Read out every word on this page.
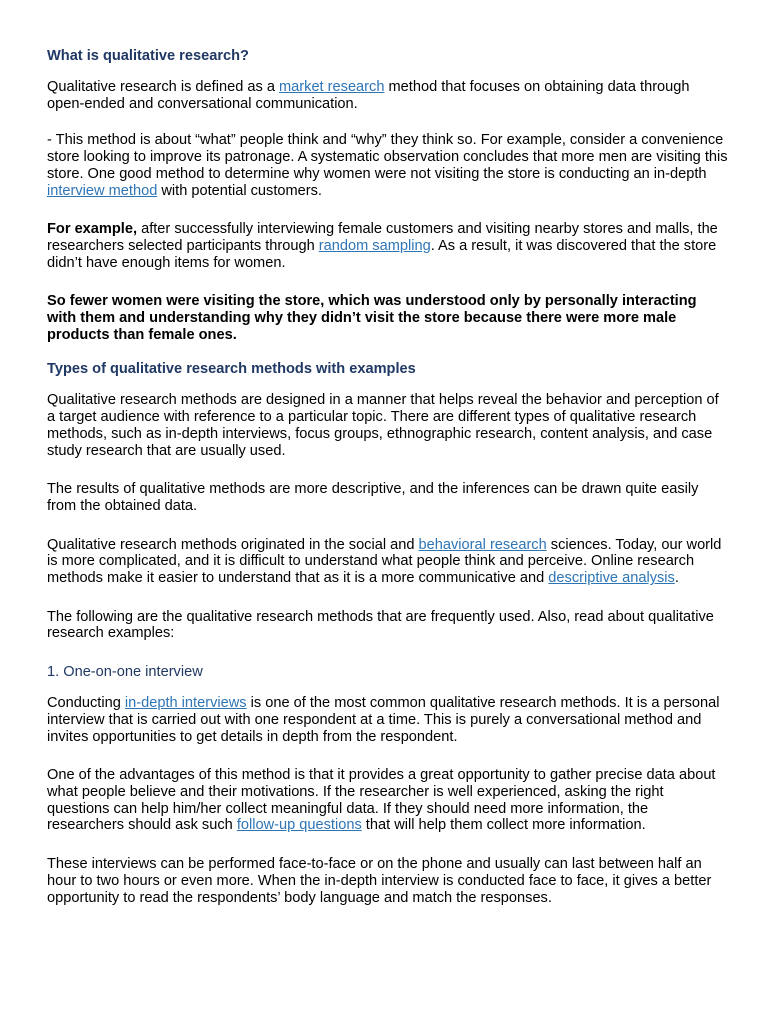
What is qualitative research?

Qualitative research is defined as a market research method that focuses on obtaining data through open-ended and conversational communication.

- This method is about “what” people think and “why” they think so. For example, consider a convenience store looking to improve its patronage. A systematic observation concludes that more men are visiting this store. One good method to determine why women were not visiting the store is conducting an in-depth interview method with potential customers.

For example, after successfully interviewing female customers and visiting nearby stores and malls, the researchers selected participants through random sampling. As a result, it was discovered that the store didn’t have enough items for women.

So fewer women were visiting the store, which was understood only by personally interacting with them and understanding why they didn’t visit the store because there were more male products than female ones.

Types of qualitative research methods with examples

Qualitative research methods are designed in a manner that helps reveal the behavior and perception of a target audience with reference to a particular topic. There are different types of qualitative research methods, such as in-depth interviews, focus groups, ethnographic research, content analysis, and case study research that are usually used.

The results of qualitative methods are more descriptive, and the inferences can be drawn quite easily from the obtained data.

Qualitative research methods originated in the social and behavioral research sciences. Today, our world is more complicated, and it is difficult to understand what people think and perceive. Online research methods make it easier to understand that as it is a more communicative and descriptive analysis.

The following are the qualitative research methods that are frequently used. Also, read about qualitative research examples:

1. One-on-one interview

Conducting in-depth interviews is one of the most common qualitative research methods. It is a personal interview that is carried out with one respondent at a time. This is purely a conversational method and invites opportunities to get details in depth from the respondent.

One of the advantages of this method is that it provides a great opportunity to gather precise data about what people believe and their motivations. If the researcher is well experienced, asking the right questions can help him/her collect meaningful data. If they should need more information, the researchers should ask such follow-up questions that will help them collect more information.

These interviews can be performed face-to-face or on the phone and usually can last between half an hour to two hours or even more. When the in-depth interview is conducted face to face, it gives a better opportunity to read the respondents’ body language and match the responses.
